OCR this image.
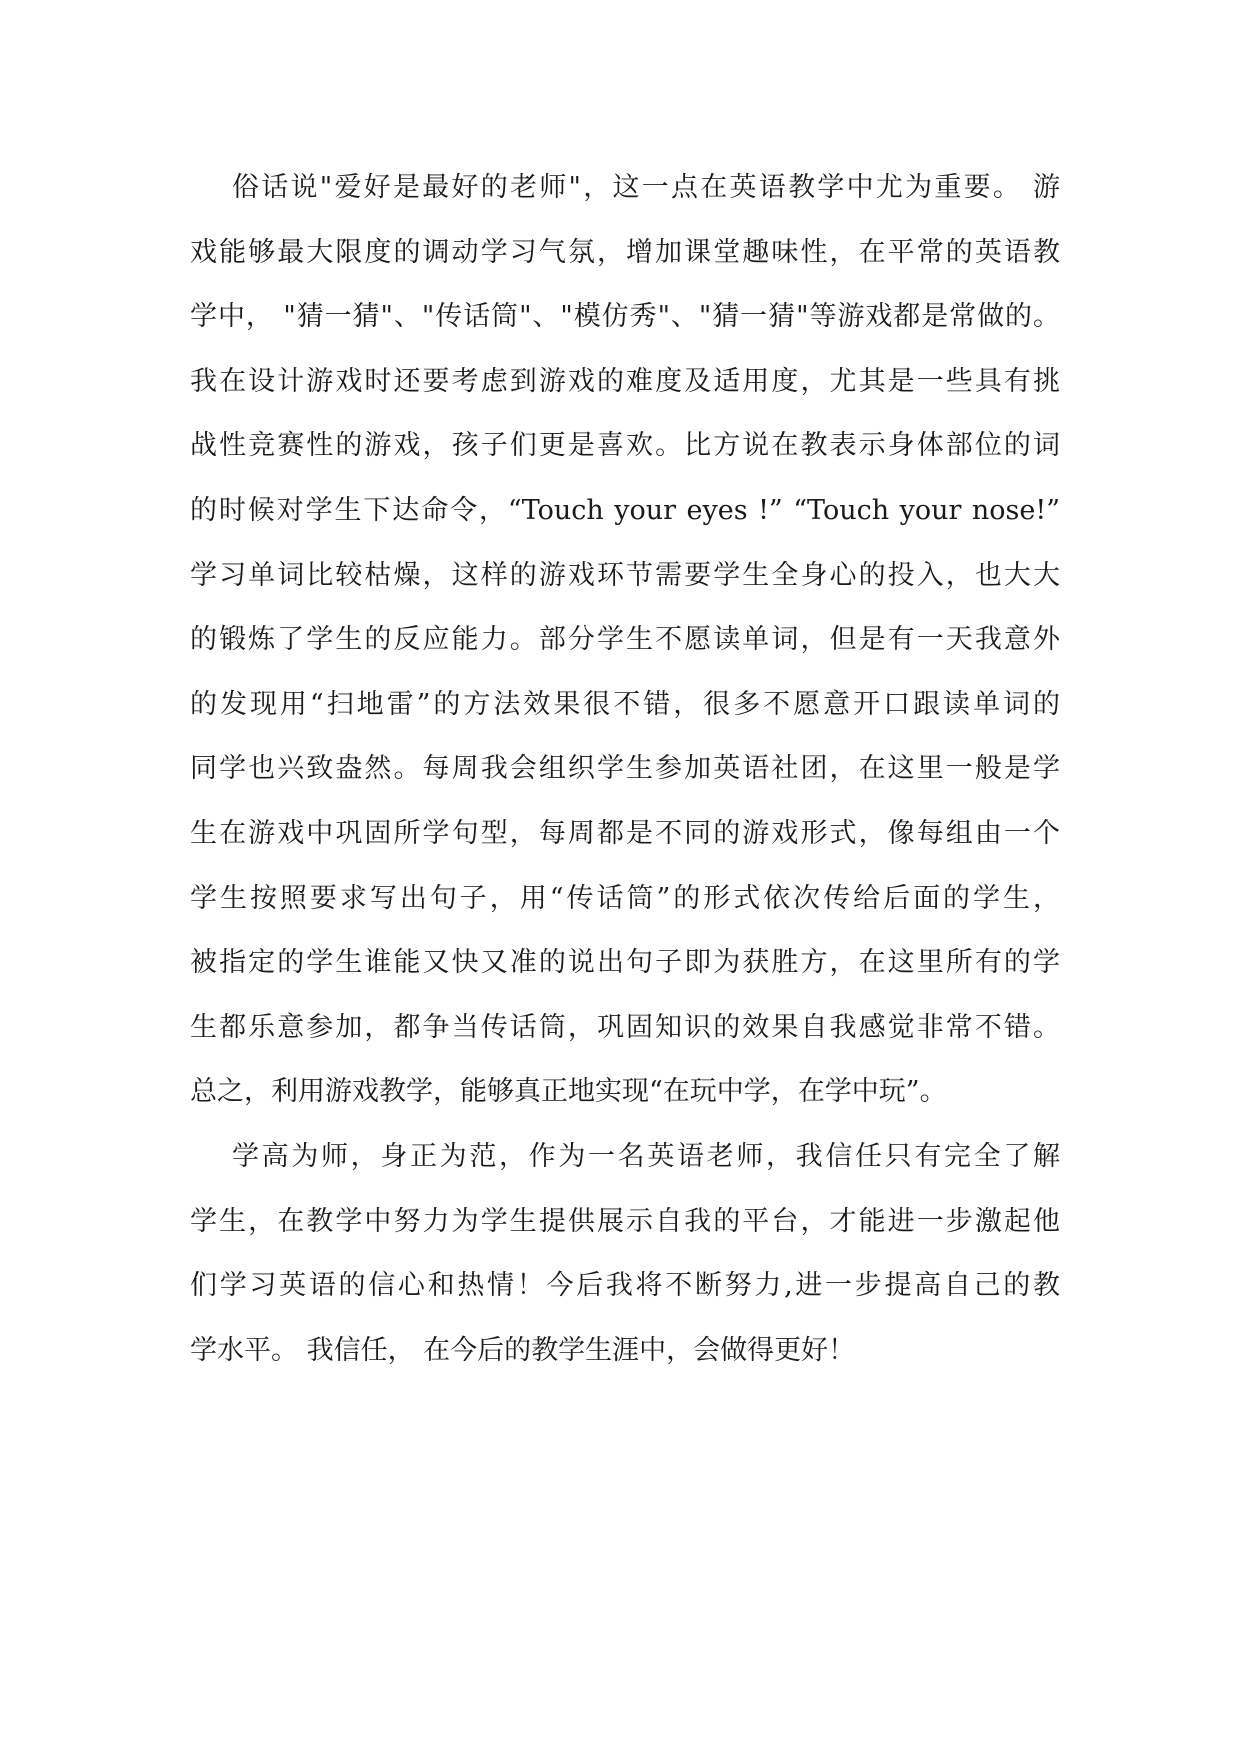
俗话说"爱好是最好的老师"，这一点在英语教学中尤为重要。 游
戏能够最大限度的调动学习气氛，增加课堂趣味性，在平常的英语教
学中， "猜一猜"、"传话筒"、"模仿秀"、"猜一猜"等游戏都是常做的。
我在设计游戏时还要考虑到游戏的难度及适用度，尤其是一些具有挑
战性竞赛性的游戏，孩子们更是喜欢。比方说在教表示身体部位的词
的时候对学生下达命令，“Touch your eyes !” “Touch your nose!”
学习单词比较枯燥，这样的游戏环节需要学生全身心的投入，也大大
的锻炼了学生的反应能力。部分学生不愿读单词，但是有一天我意外
的发现用“扫地雷”的方法效果很不错，很多不愿意开口跟读单词的
同学也兴致盎然。每周我会组织学生参加英语社团，在这里一般是学
生在游戏中巩固所学句型，每周都是不同的游戏形式，像每组由一个
学生按照要求写出句子，用“传话筒”的形式依次传给后面的学生，
被指定的学生谁能又快又准的说出句子即为获胜方，在这里所有的学
生都乐意参加，都争当传话筒，巩固知识的效果自我感觉非常不错。
总之，利用游戏教学，能够真正地实现“在玩中学，在学中玩”。
学高为师，身正为范，作为一名英语老师，我信任只有完全了解
学生，在教学中努力为学生提供展示自我的平台，才能进一步激起他
们学习英语的信心和热情！今后我将不断努力,进一步提高自己的教
学水平。 我信任， 在今后的教学生涯中，会做得更好！
